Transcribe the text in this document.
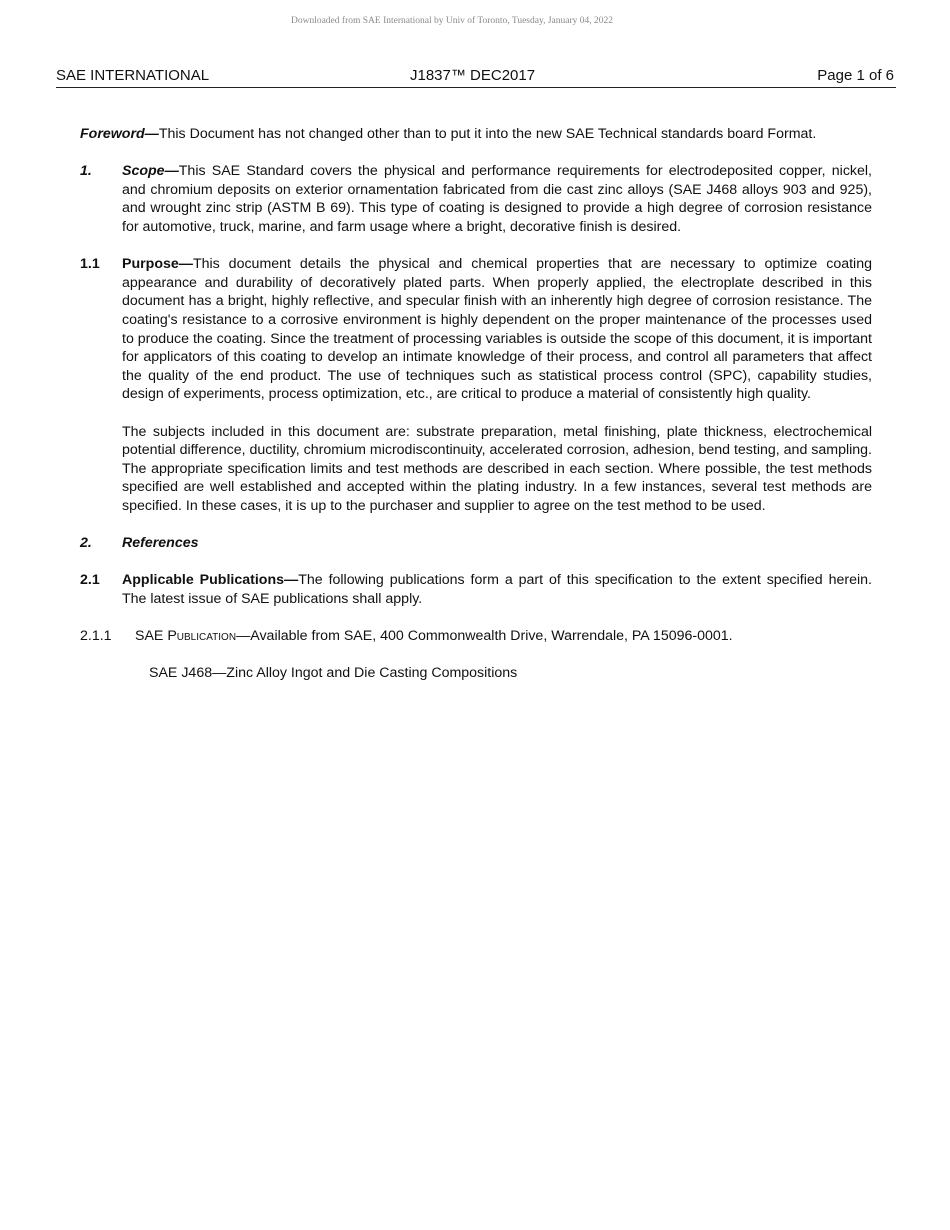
Downloaded from SAE International by Univ of Toronto, Tuesday, January 04, 2022
SAE INTERNATIONAL	J1837™ DEC2017	Page 1 of 6

Foreword—This Document has not changed other than to put it into the new SAE Technical standards board Format.

1. Scope—This SAE Standard covers the physical and performance requirements for electrodeposited copper, nickel, and chromium deposits on exterior ornamentation fabricated from die cast zinc alloys (SAE J468 alloys 903 and 925), and wrought zinc strip (ASTM B 69). This type of coating is designed to provide a high degree of corrosion resistance for automotive, truck, marine, and farm usage where a bright, decorative finish is desired.
1.1 Purpose—This document details the physical and chemical properties that are necessary to optimize coating appearance and durability of decoratively plated parts. When properly applied, the electroplate described in this document has a bright, highly reflective, and specular finish with an inherently high degree of corrosion resistance. The coating's resistance to a corrosive environment is highly dependent on the proper maintenance of the processes used to produce the coating. Since the treatment of processing variables is outside the scope of this document, it is important for applicators of this coating to develop an intimate knowledge of their process, and control all parameters that affect the quality of the end product. The use of techniques such as statistical process control (SPC), capability studies, design of experiments, process optimization, etc., are critical to produce a material of consistently high quality.
The subjects included in this document are: substrate preparation, metal finishing, plate thickness, electrochemical potential difference, ductility, chromium microdiscontinuity, accelerated corrosion, adhesion, bend testing, and sampling. The appropriate specification limits and test methods are described in each section. Where possible, the test methods specified are well established and accepted within the plating industry. In a few instances, several test methods are specified. In these cases, it is up to the purchaser and supplier to agree on the test method to be used.
2. References
2.1 Applicable Publications—The following publications form a part of this specification to the extent specified herein. The latest issue of SAE publications shall apply.
2.1.1 SAE Publication—Available from SAE, 400 Commonwealth Drive, Warrendale, PA 15096-0001.

SAE J468—Zinc Alloy Ingot and Die Casting Compositions
